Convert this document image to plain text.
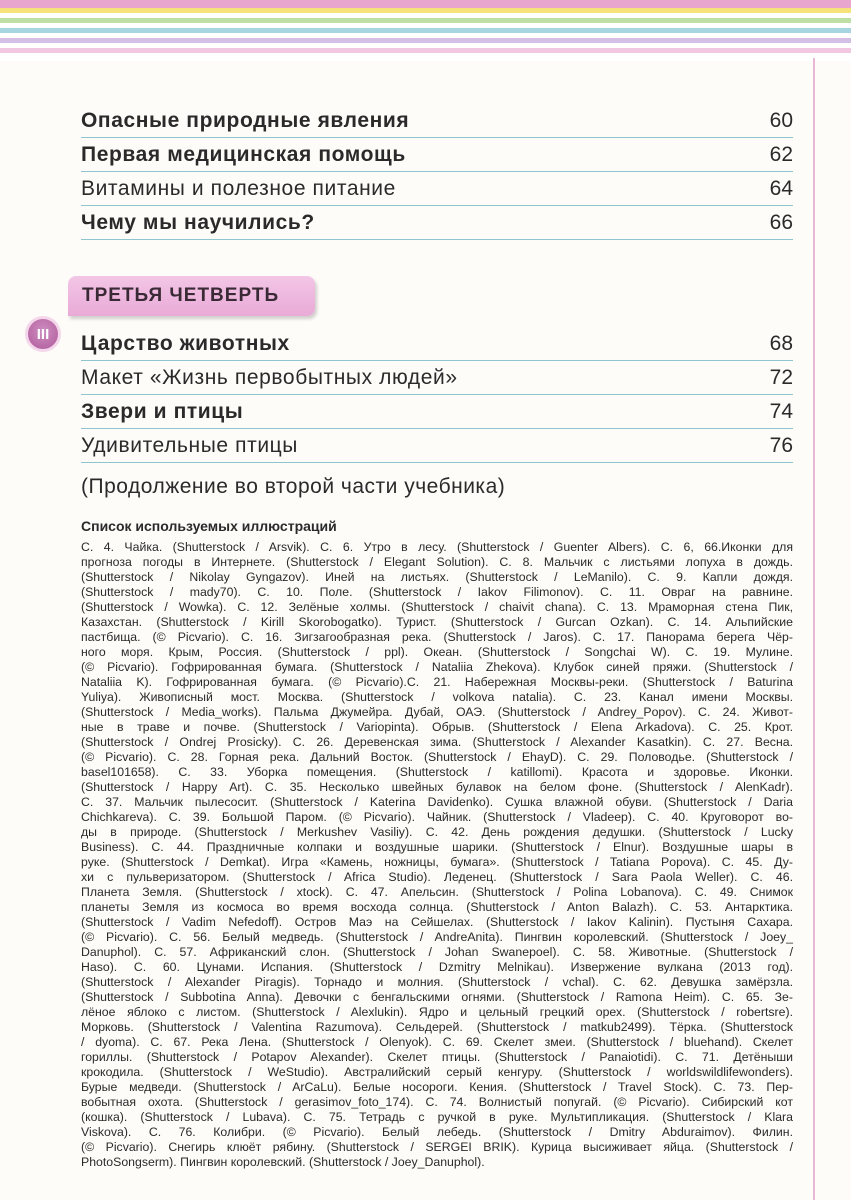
Опасные природные явления	60
Первая медицинская помощь	62
Витамины и полезное питание	64
Чему мы научились?	66
ТРЕТЬЯ ЧЕТВЕРТЬ
III	Царство животных	68
Макет «Жизнь первобытных людей»	72
Звери и птицы	74
Удивительные птицы	76
(Продолжение во второй части учебника)
Список используемых иллюстраций
С. 4. Чайка. (Shutterstock / Arsvik). С. 6. Утро в лесу. (Shutterstock / Guenter Albers). С. 6, 66.Иконки для
прогноза погоды в Интернете. (Shutterstock / Elegant Solution). С. 8. Мальчик с листьями лопуха в дождь.
(Shutterstock / Nikolay Gyngazov). Иней на листьях. (Shutterstock / LeManilo). С. 9. Капли дождя.
(Shutterstock / mady70). С. 10. Поле. (Shutterstock / Iakov Filimonov). С. 11. Овраг на равнине.
(Shutterstock / Wowka). С. 12. Зелёные холмы. (Shutterstock / chaivit chana). С. 13. Мраморная стена Пик,
Казахстан. (Shutterstock / Kirill Skorobogatko). Турист. (Shutterstock / Gurcan Ozkan). С. 14. Альпийские
пастбища. (© Picvario). С. 16. Зигзагообразная река. (Shutterstock / Jaros). С. 17. Панорама берега Чёр-
ного моря. Крым, Россия. (Shutterstock / ppl). Океан. (Shutterstock / Songchai W). С. 19. Мулине.
(© Picvario). Гофрированная бумага. (Shutterstock / Nataliia Zhekova). Клубок синей пряжи. (Shutterstock /
Nataliia K). Гофрированная бумага. (© Picvario).С. 21. Набережная Москвы-реки. (Shutterstock / Baturina
Yuliya). Живописный мост. Москва. (Shutterstock / volkova natalia). С. 23. Канал имени Москвы.
(Shutterstock / Media_works). Пальма Джумейра. Дубай, ОАЭ. (Shutterstock / Andrey_Popov). С. 24. Живот-
ные в траве и почве. (Shutterstock / Variopinta). Обрыв. (Shutterstock / Elena Arkadova). С. 25. Крот.
(Shutterstock / Ondrej Prosicky). С. 26. Деревенская зима. (Shutterstock / Alexander Kasatkin). С. 27. Весна.
(© Picvario). С. 28. Горная река. Дальний Восток. (Shutterstock / EhayD). С. 29. Половодье. (Shutterstock /
basel101658). С. 33. Уборка помещения. (Shutterstock / katillomi). Красота и здоровье. Иконки.
(Shutterstock / Happy Art). С. 35. Несколько швейных булавок на белом фоне. (Shutterstock / AlenKadr).
С. 37. Мальчик пылесосит. (Shutterstock / Katerina Davidenko). Сушка влажной обуви. (Shutterstock / Daria
Chichkareva). С. 39. Большой Паром. (© Picvario). Чайник. (Shutterstock / Vladeep). С. 40. Круговорот во-
ды в природе. (Shutterstock / Merkushev Vasiliy). С. 42. День рождения дедушки. (Shutterstock / Lucky
Business). С. 44. Праздничные колпаки и воздушные шарики. (Shutterstock / Elnur). Воздушные шары в
руке. (Shutterstock / Demkat). Игра «Камень, ножницы, бумага». (Shutterstock / Tatiana Popova). С. 45. Ду-
хи с пульверизатором. (Shutterstock / Africa Studio). Леденец. (Shutterstock / Sara Paola Weller). С. 46.
Планета Земля. (Shutterstock / xtock). С. 47. Апельсин. (Shutterstock / Polina Lobanova). С. 49. Снимок
планеты Земля из космоса во время восхода солнца. (Shutterstock / Anton Balazh). С. 53. Антарктика.
(Shutterstock / Vadim Nefedoff). Остров Маэ на Сейшелах. (Shutterstock / Iakov Kalinin). Пустыня Сахара.
(© Picvario). С. 56. Белый медведь. (Shutterstock / AndreAnita). Пингвин королевский. (Shutterstock / Joey_
Danuphol). С. 57. Африканский слон. (Shutterstock / Johan Swanepoel). С. 58. Животные. (Shutterstock /
Haso). С. 60. Цунами. Испания. (Shutterstock / Dzmitry Melnikau). Извержение вулкана (2013 год).
(Shutterstock / Alexander Piragis). Торнадо и молния. (Shutterstock / vchal). С. 62. Девушка замёрзла.
(Shutterstock / Subbotina Anna). Девочки с бенгальскими огнями. (Shutterstock / Ramona Heim). С. 65. Зе-
лёное яблоко с листом. (Shutterstock / Alexlukin). Ядро и цельный грецкий орех. (Shutterstock / robertsre).
Морковь. (Shutterstock / Valentina Razumova). Сельдерей. (Shutterstock / matkub2499). Тёрка. (Shutterstock
/ dyoma). С. 67. Река Лена. (Shutterstock / Olenyok). С. 69. Скелет змеи. (Shutterstock / bluehand). Скелет
гориллы. (Shutterstock / Potapov Alexander). Скелет птицы. (Shutterstock / Panaiotidi). С. 71. Детёныши
крокодила. (Shutterstock / WeStudio). Австралийский серый кенгуру. (Shutterstock / worldswildlifewonders).
Бурые медведи. (Shutterstock / ArCaLu). Белые носороги. Кения. (Shutterstock / Travel Stock). С. 73. Пер-
вобытная охота. (Shutterstock / gerasimov_foto_174). С. 74. Волнистый попугай. (© Picvario). Сибирский кот
(кошка). (Shutterstock / Lubava). С. 75. Тетрадь с ручкой в руке. Мультипликация. (Shutterstock / Klara
Viskova). С. 76. Колибри. (© Picvario). Белый лебедь. (Shutterstock / Dmitry Abduraimov). Филин.
(© Picvario). Снегирь клюёт рябину. (Shutterstock / SERGEI BRIK). Курица высиживает яйца. (Shutterstock /
PhotoSongserm). Пингвин королевский. (Shutterstock / Joey_Danuphol).
